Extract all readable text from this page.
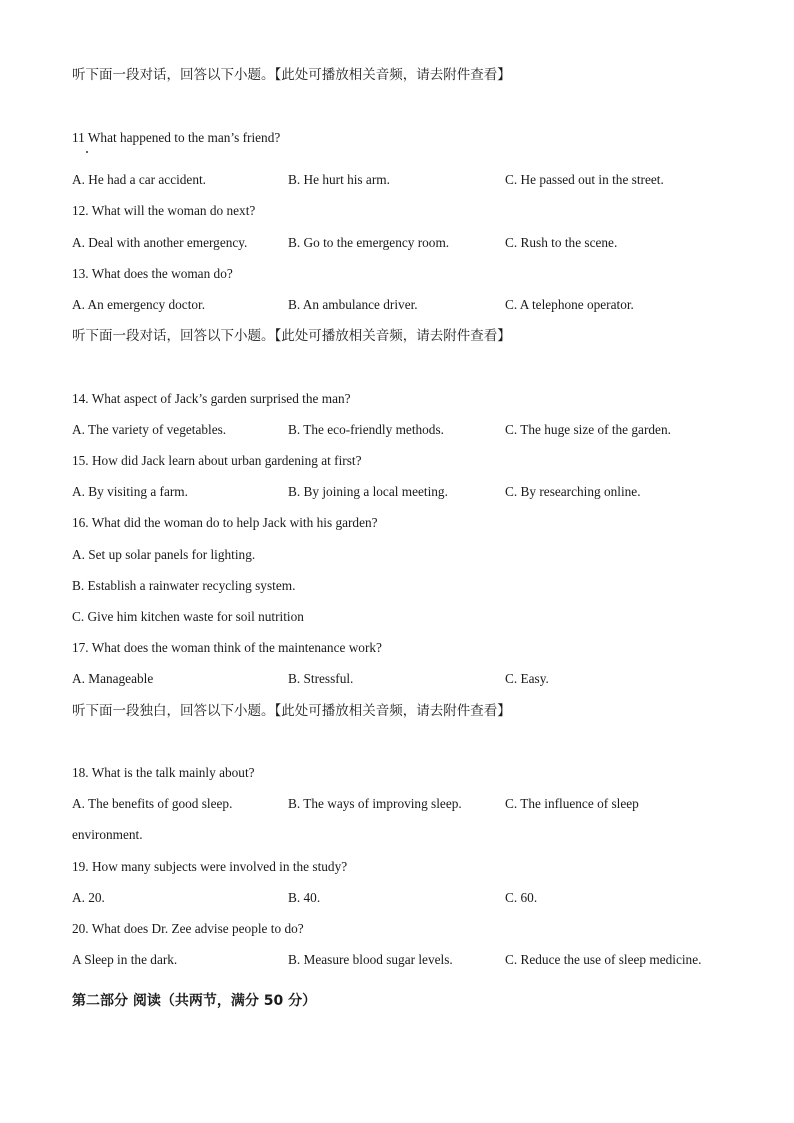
听下面一段对话，回答以下小题。【此处可播放相关音频，请去附件查看】
11 What happened to the man’s friend?
A. He had a car accident.	B. He hurt his arm.	C. He passed out in the street.
12. What will the woman do next?
A. Deal with another emergency.	B. Go to the emergency room.	C. Rush to the scene.
13. What does the woman do?
A. An emergency doctor.	B. An ambulance driver.	C. A telephone operator.
听下面一段对话，回答以下小题。【此处可播放相关音频，请去附件查看】
14. What aspect of Jack’s garden surprised the man?
A. The variety of vegetables.	B. The eco-friendly methods.	C. The huge size of the garden.
15. How did Jack learn about urban gardening at first?
A. By visiting a farm.	B. By joining a local meeting.	C. By researching online.
16. What did the woman do to help Jack with his garden?
A. Set up solar panels for lighting.
B. Establish a rainwater recycling system.
C. Give him kitchen waste for soil nutrition
17. What does the woman think of the maintenance work?
A. Manageable	B. Stressful.	C. Easy.
听下面一段独白，回答以下小题。【此处可播放相关音频，请去附件查看】
18. What is the talk mainly about?
A. The benefits of good sleep.	B. The ways of improving sleep.	C. The influence of sleep
environment.
19. How many subjects were involved in the study?
A. 20.	B. 40.	C. 60.
20. What does Dr. Zee advise people to do?
A Sleep in the dark.	B. Measure blood sugar levels.	C. Reduce the use of sleep medicine.
第二部分 阅读（共两节，满分 50 分）
